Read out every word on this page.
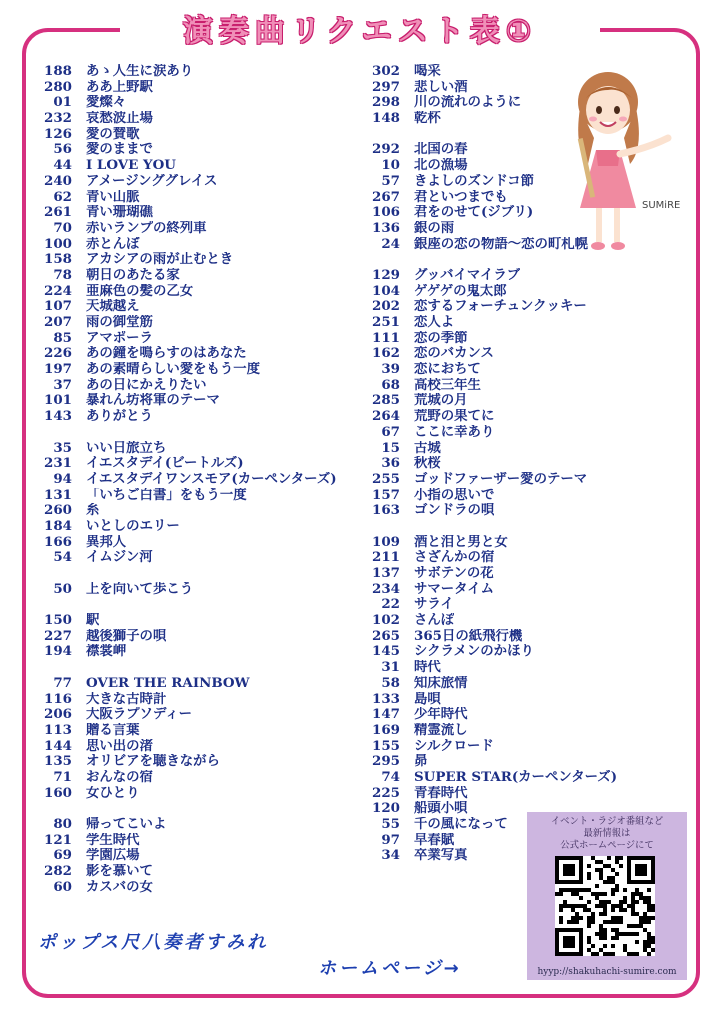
演奏曲リクエスト表①
188	あゝ人生に涙あり
280	ああ上野駅
01	愛燦々
232	哀愁波止場
126	愛の賛歌
56	愛のままで
44	I LOVE YOU
240	アメージンググレイス
62	青い山脈
261	青い珊瑚礁
70	赤いランプの終列車
100	赤とんぼ
158	アカシアの雨が止むとき
78	朝日のあたる家
224	亜麻色の髪の乙女
107	天城越え
207	雨の御堂筋
85	アマポーラ
226	あの鐘を鳴らすのはあなた
197	あの素晴らしい愛をもう一度
37	あの日にかえりたい
101	暴れん坊将軍のテーマ
143	ありがとう
35	いい日旅立ち
231	イエスタデイ(ビートルズ)
94	イエスタデイワンスモア(カーペンターズ)
131	「いちご白書」をもう一度
260	糸
184	いとしのエリー
166	異邦人
54	イムジン河
50	上を向いて歩こう
150	駅
227	越後獅子の唄
194	襟裳岬
77	OVER THE RAINBOW
116	大きな古時計
206	大阪ラプソディー
113	贈る言葉
144	思い出の渚
135	オリビアを聴きながら
71	おんなの宿
160	女ひとり
80	帰ってこいよ
121	学生時代
69	学園広場
282	影を慕いて
60	カスバの女
302	喝采
297	悲しい酒
298	川の流れのように
148	乾杯
292	北国の春
10	北の漁場
57	きよしのズンドコ節
267	君といつまでも
106	君をのせて(ジブリ)
136	銀の雨
24	銀座の恋の物語～恋の町札幌
129	グッバイマイラブ
104	ゲゲゲの鬼太郎
202	恋するフォーチュンクッキー
251	恋人よ
111	恋の季節
162	恋のバカンス
39	恋におちて
68	高校三年生
285	荒城の月
264	荒野の果てに
67	ここに幸あり
15	古城
36	秋桜
255	ゴッドファーザー愛のテーマ
157	小指の思いで
163	ゴンドラの唄
109	酒と泪と男と女
211	さざんかの宿
137	サボテンの花
234	サマータイム
22	サライ
102	さんぽ
265	365日の紙飛行機
145	シクラメンのかほり
31	時代
58	知床旅情
133	島唄
147	少年時代
169	精霊流し
155	シルクロード
295	昴
74	SUPER STAR(カーペンターズ)
225	青春時代
120	船頭小唄
55	千の風になって
97	早春賦
34	卒業写真
SUMiRE
イベント・ラジオ番組など
最新情報は
公式ホームページにて
hyyp://shakuhachi-sumire.com
ポップス尺八奏者すみれ
ホームページ→
